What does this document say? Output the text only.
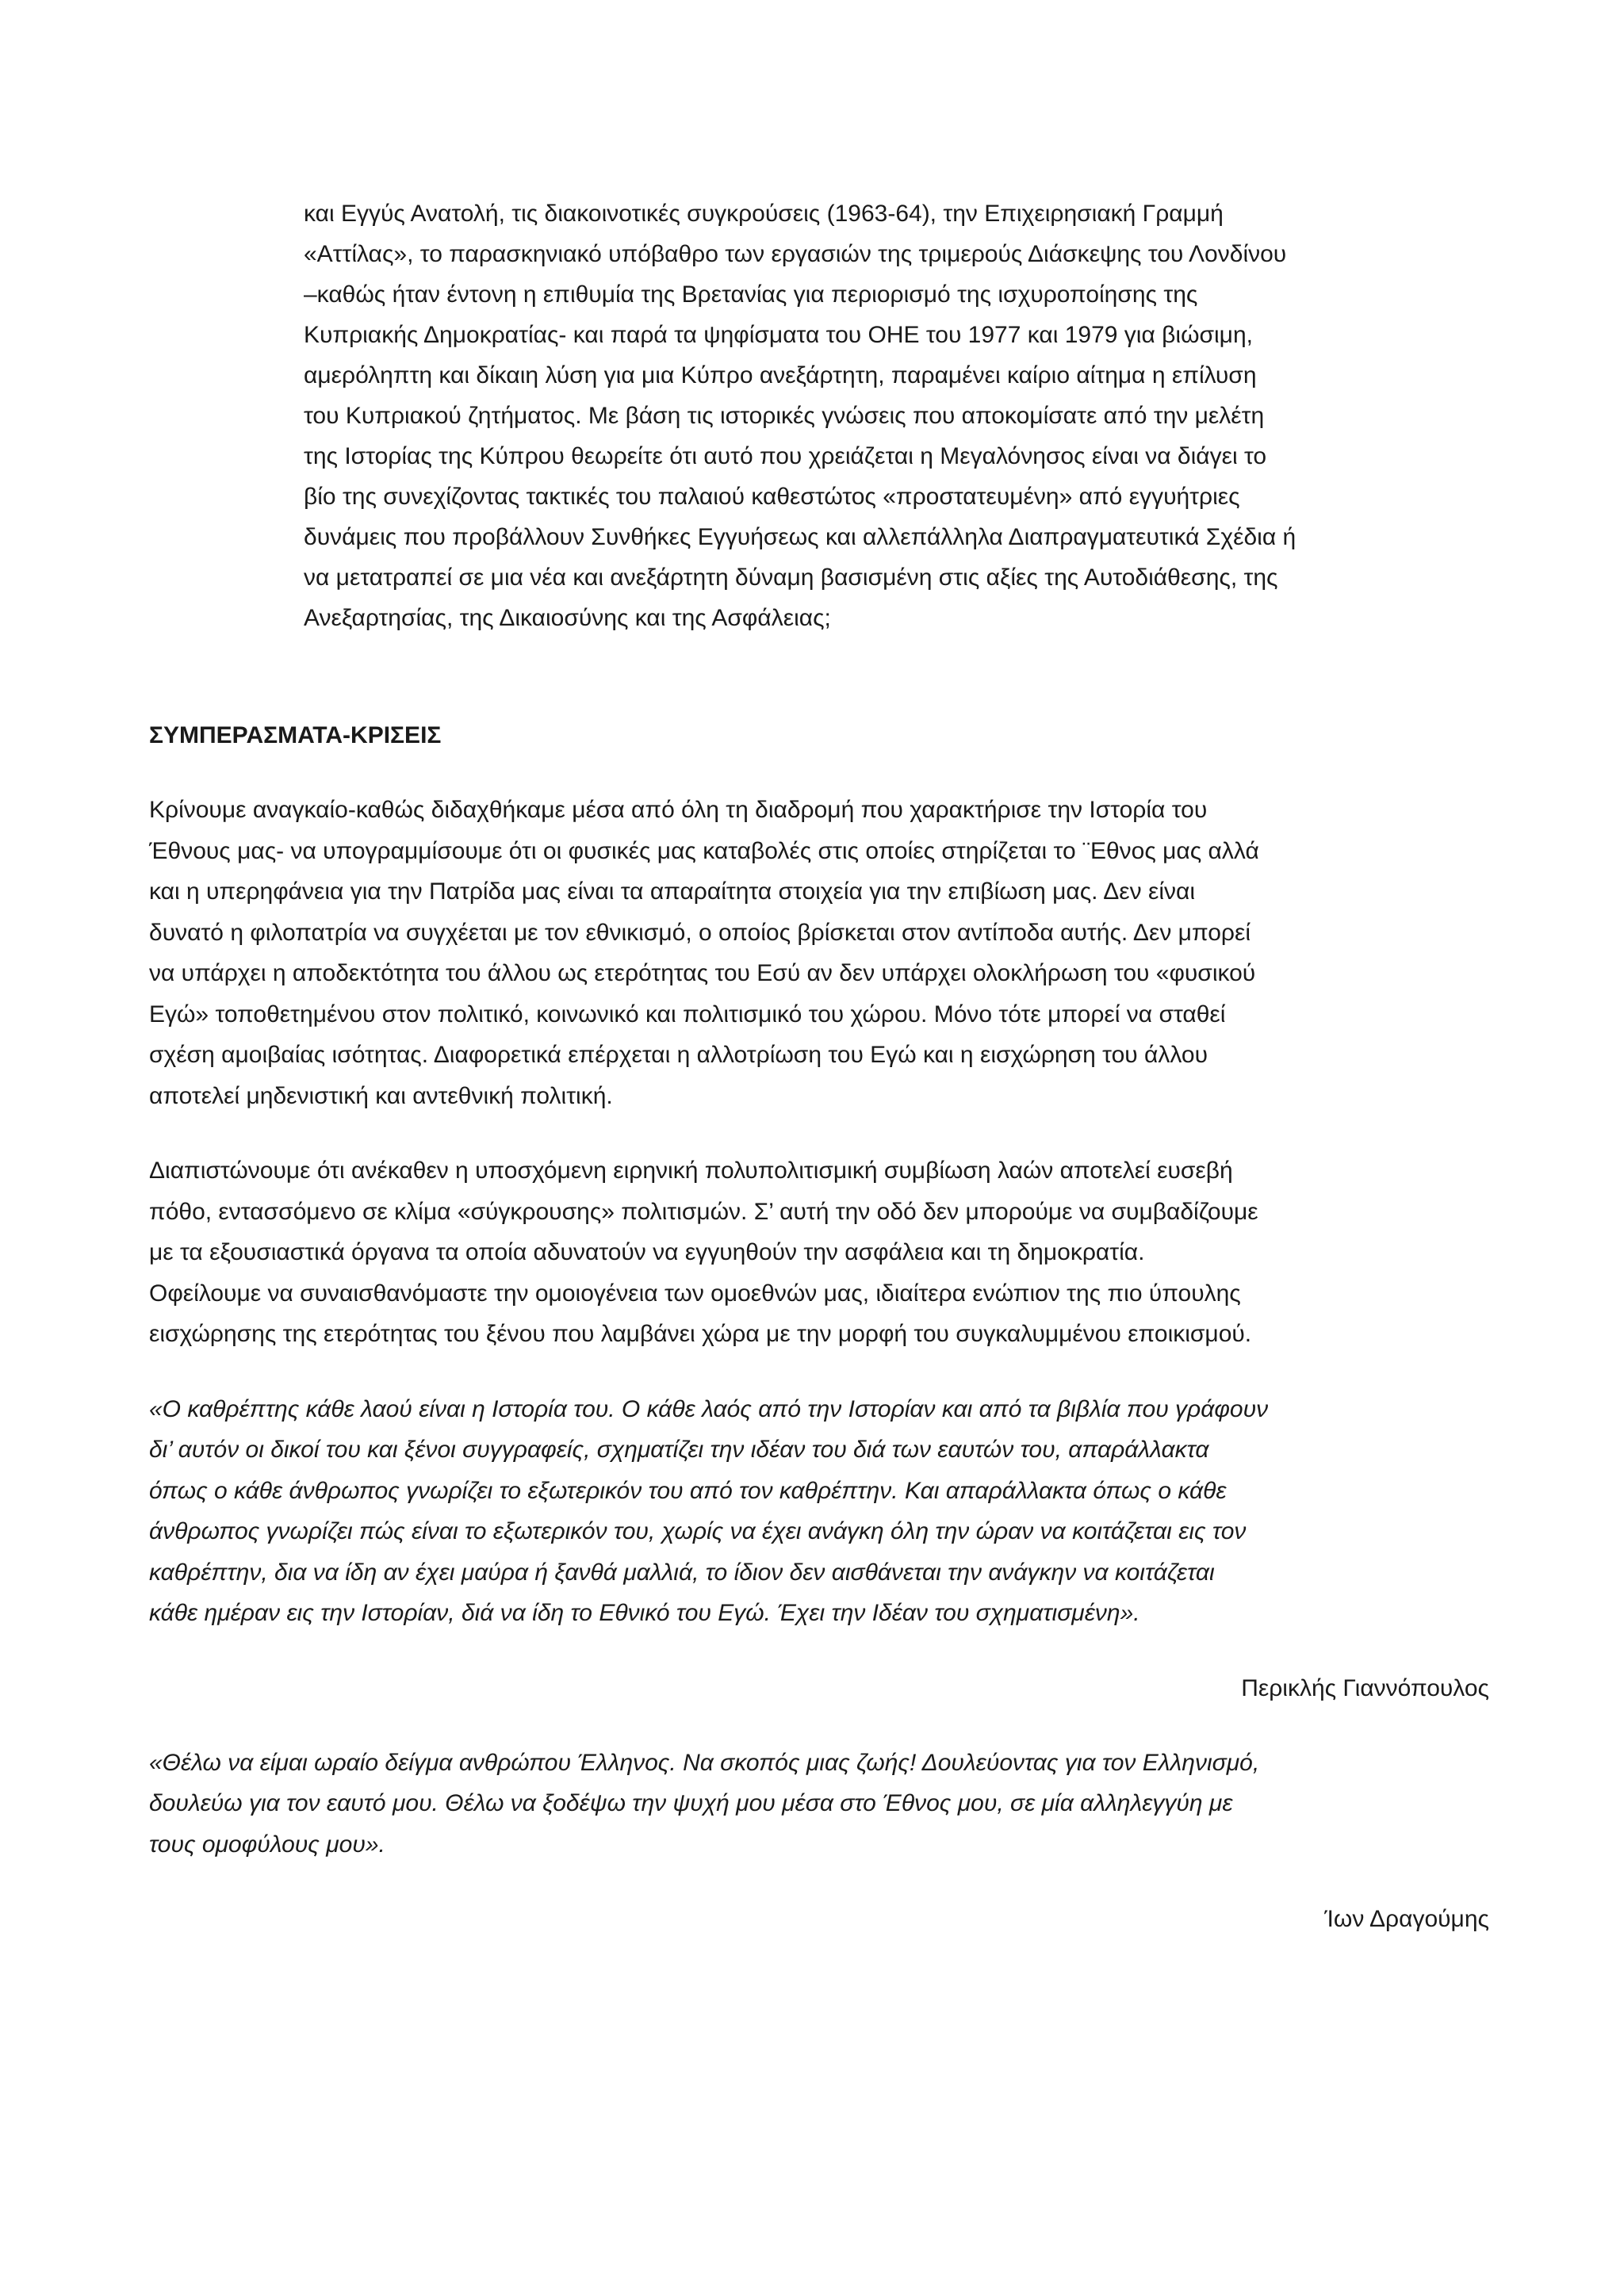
και Εγγύς Ανατολή, τις διακοινοτικές συγκρούσεις (1963-64), την Επιχειρησιακή Γραμμή
«Αττίλας», το παρασκηνιακό υπόβαθρο των εργασιών της τριμερούς Διάσκεψης του Λονδίνου
–καθώς ήταν έντονη η επιθυμία της Βρετανίας για περιορισμό της ισχυροποίησης της
Κυπριακής Δημοκρατίας- και παρά τα ψηφίσματα του ΟΗΕ του 1977 και 1979 για βιώσιμη,
αμερόληπτη και δίκαιη λύση για μια Κύπρο ανεξάρτητη, παραμένει καίριο αίτημα η επίλυση
του Κυπριακού ζητήματος. Με βάση τις ιστορικές γνώσεις που αποκομίσατε από την μελέτη
της Ιστορίας της Κύπρου θεωρείτε ότι αυτό που χρειάζεται η Μεγαλόνησος είναι να διάγει το
βίο της συνεχίζοντας τακτικές του παλαιού καθεστώτος «προστατευμένη» από εγγυήτριες
δυνάμεις που προβάλλουν Συνθήκες Εγγυήσεως και αλλεπάλληλα Διαπραγματευτικά Σχέδια ή
να μετατραπεί σε μια νέα και ανεξάρτητη δύναμη βασισμένη στις αξίες της Αυτοδιάθεσης, της
Ανεξαρτησίας, της Δικαιοσύνης και της Ασφάλειας;
ΣΥΜΠΕΡΑΣΜΑΤΑ-ΚΡΙΣΕΙΣ
Κρίνουμε αναγκαίο-καθώς διδαχθήκαμε μέσα από όλη τη διαδρομή που χαρακτήρισε την Ιστορία του
Έθνους μας- να υπογραμμίσουμε ότι οι φυσικές μας καταβολές στις οποίες στηρίζεται το ¨Εθνος μας αλλά
και η υπερηφάνεια για την Πατρίδα μας είναι τα απαραίτητα στοιχεία για την επιβίωση μας. Δεν είναι
δυνατό η φιλοπατρία να συγχέεται με τον εθνικισμό, ο οποίος βρίσκεται στον αντίποδα αυτής. Δεν μπορεί
να υπάρχει η αποδεκτότητα του άλλου ως ετερότητας του Εσύ αν δεν υπάρχει ολοκλήρωση του «φυσικού
Εγώ» τοποθετημένου στον πολιτικό, κοινωνικό και πολιτισμικό του χώρου. Μόνο τότε μπορεί να σταθεί
σχέση αμοιβαίας ισότητας. Διαφορετικά επέρχεται η αλλοτρίωση του Εγώ και η εισχώρηση του άλλου
αποτελεί μηδενιστική και αντεθνική πολιτική.
Διαπιστώνουμε ότι ανέκαθεν η υποσχόμενη ειρηνική πολυπολιτισμική συμβίωση λαών αποτελεί ευσεβή
πόθο, εντασσόμενο σε κλίμα «σύγκρουσης» πολιτισμών. Σ’ αυτή την οδό δεν μπορούμε να συμβαδίζουμε
με τα εξουσιαστικά όργανα τα οποία αδυνατούν να εγγυηθούν την ασφάλεια και τη δημοκρατία.
Οφείλουμε να συναισθανόμαστε την ομοιογένεια των ομοεθνών μας, ιδιαίτερα ενώπιον της πιο ύπουλης
εισχώρησης της ετερότητας του ξένου που λαμβάνει χώρα με την μορφή του συγκαλυμμένου εποικισμού.
«Ο καθρέπτης κάθε λαού είναι η Ιστορία του. Ο κάθε λαός από την Ιστορίαν και από τα βιβλία που γράφουν
δι’ αυτόν οι δικοί του και ξένοι συγγραφείς, σχηματίζει την ιδέαν του διά των εαυτών του, απαράλλακτα
όπως ο κάθε άνθρωπος γνωρίζει το εξωτερικόν του από τον καθρέπτην. Και απαράλλακτα όπως ο κάθε
άνθρωπος γνωρίζει πώς είναι το εξωτερικόν του, χωρίς να έχει ανάγκη όλη την ώραν να κοιτάζεται εις τον
καθρέπτην, δια να ίδη αν έχει μαύρα ή ξανθά μαλλιά, το ίδιον δεν αισθάνεται την ανάγκην να κοιτάζεται
κάθε ημέραν εις την Ιστορίαν, διά να ίδη το Εθνικό του Εγώ. Έχει την Ιδέαν του σχηματισμένη».
Περικλής Γιαννόπουλος
«Θέλω να είμαι ωραίο δείγμα ανθρώπου Έλληνος. Να σκοπός μιας ζωής! Δουλεύοντας για τον Ελληνισμό,
δουλεύω για τον εαυτό μου. Θέλω να ξοδέψω την ψυχή μου μέσα στο Έθνος μου, σε μία αλληλεγγύη με
τους ομοφύλους μου».
Ίων Δραγούμης
